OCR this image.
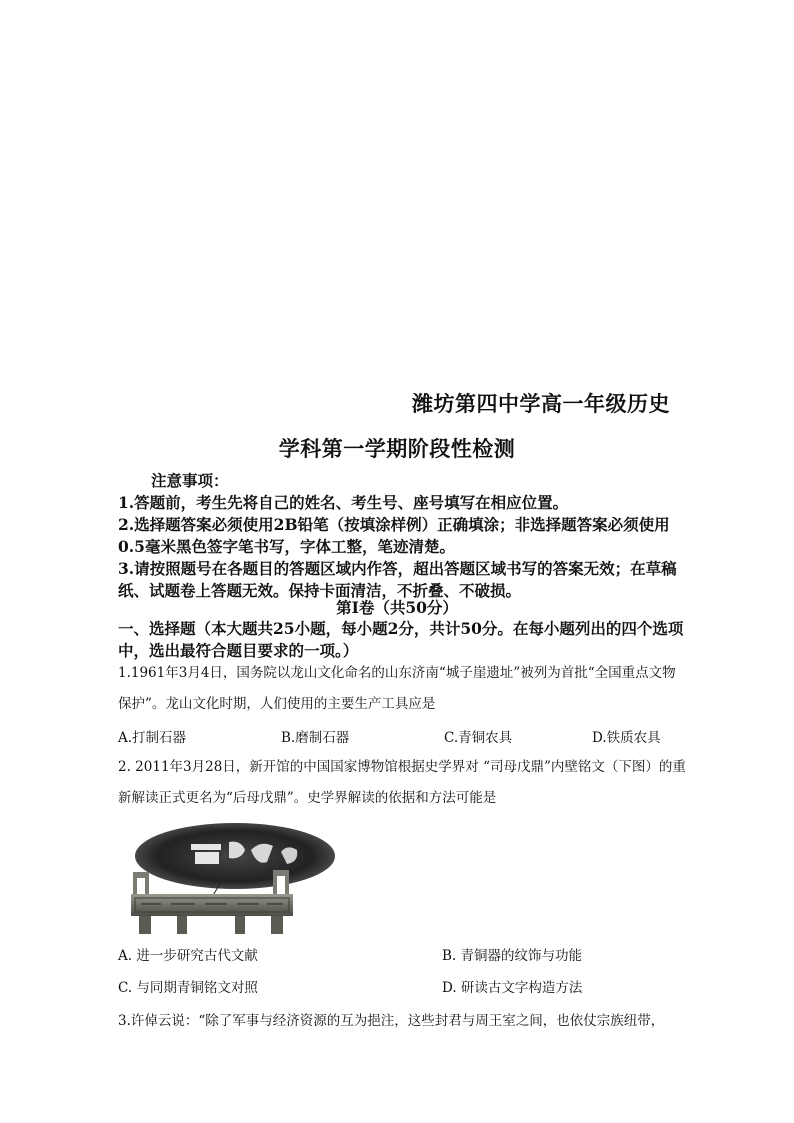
潍坊第四中学高一年级历史
学科第一学期阶段性检测

注意事项：

1.答题前，考生先将自己的姓名、考生号、座号填写在相应位置。

2.选择题答案必须使用2B铅笔（按填涂样例）正确填涂；非选择题答案必须使用0.5毫米黑色签字笔书写，字体工整，笔迹清楚。

3.请按照题号在各题目的答题区域内作答，超出答题区域书写的答案无效；在草稿纸、试题卷上答题无效。保持卡面清洁，不折叠、不破损。

第Ⅰ卷（共50分）
一、选择题（本大题共25小题，每小题2分，共计50分。在每小题列出的四个选项中，选出最符合题目要求的一项。）

1.1961年3月4日，国务院以龙山文化命名的山东济南“城子崖遗址”被列为首批“全国重点文物保护”。龙山文化时期，人们使用的主要生产工具应是

A.打制石器	B.磨制石器	C.青铜农具	D.铁质农具

2. 2011年3月28日，新开馆的中国国家博物馆根据史学界对 “司母戊鼎”内壁铭文（下图）的重新解读正式更名为“后母戊鼎”。史学界解读的依据和方法可能是

A. 进一步研究古代文献	B. 青铜器的纹饰与功能
C. 与同期青铜铭文对照	D. 研读古文字构造方法

3.许倬云说：“除了军事与经济资源的互为挹注，这些封君与周王室之间，也依仗宗族纽带，
